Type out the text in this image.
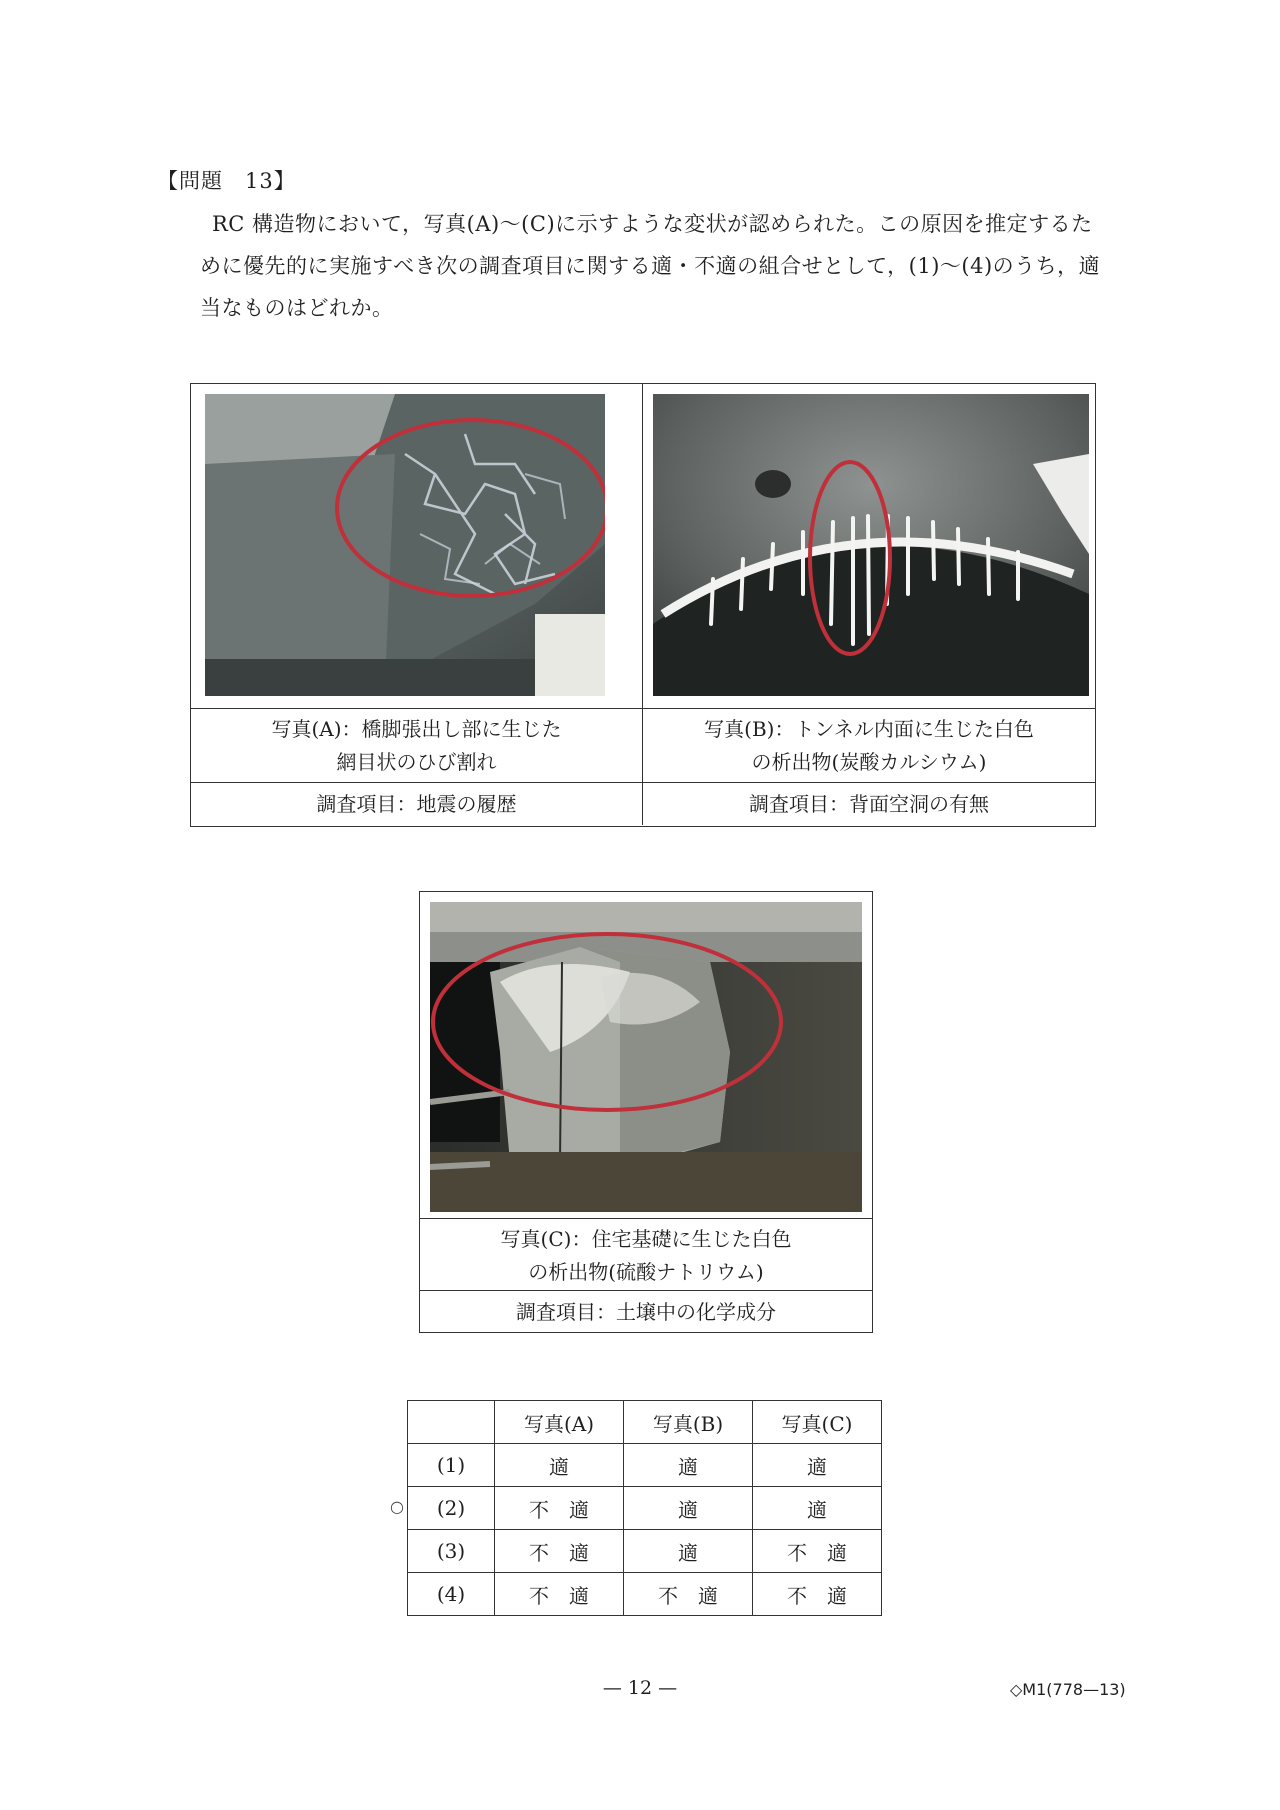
【問題　13】
RC 構造物において，写真(A)～(C)に示すような変状が認められた。この原因を推定するた
めに優先的に実施すべき次の調査項目に関する適・不適の組合せとして，(1)～(4)のうち，適
当なものはどれか。
写真(A)：橋脚張出し部に生じた
網目状のひび割れ
調査項目：地震の履歴
写真(B)：トンネル内面に生じた白色
の析出物(炭酸カルシウム)
調査項目：背面空洞の有無
写真(C)：住宅基礎に生じた白色
の析出物(硫酸ナトリウム)
調査項目：土壌中の化学成分
	写真(A)	写真(B)	写真(C)
(1)	適	適	適
(2)	不　適	適	適
(3)	不　適	適	不　適
(4)	不　適	不　適	不　適
○
— 12 —	◇M1(778—13)
